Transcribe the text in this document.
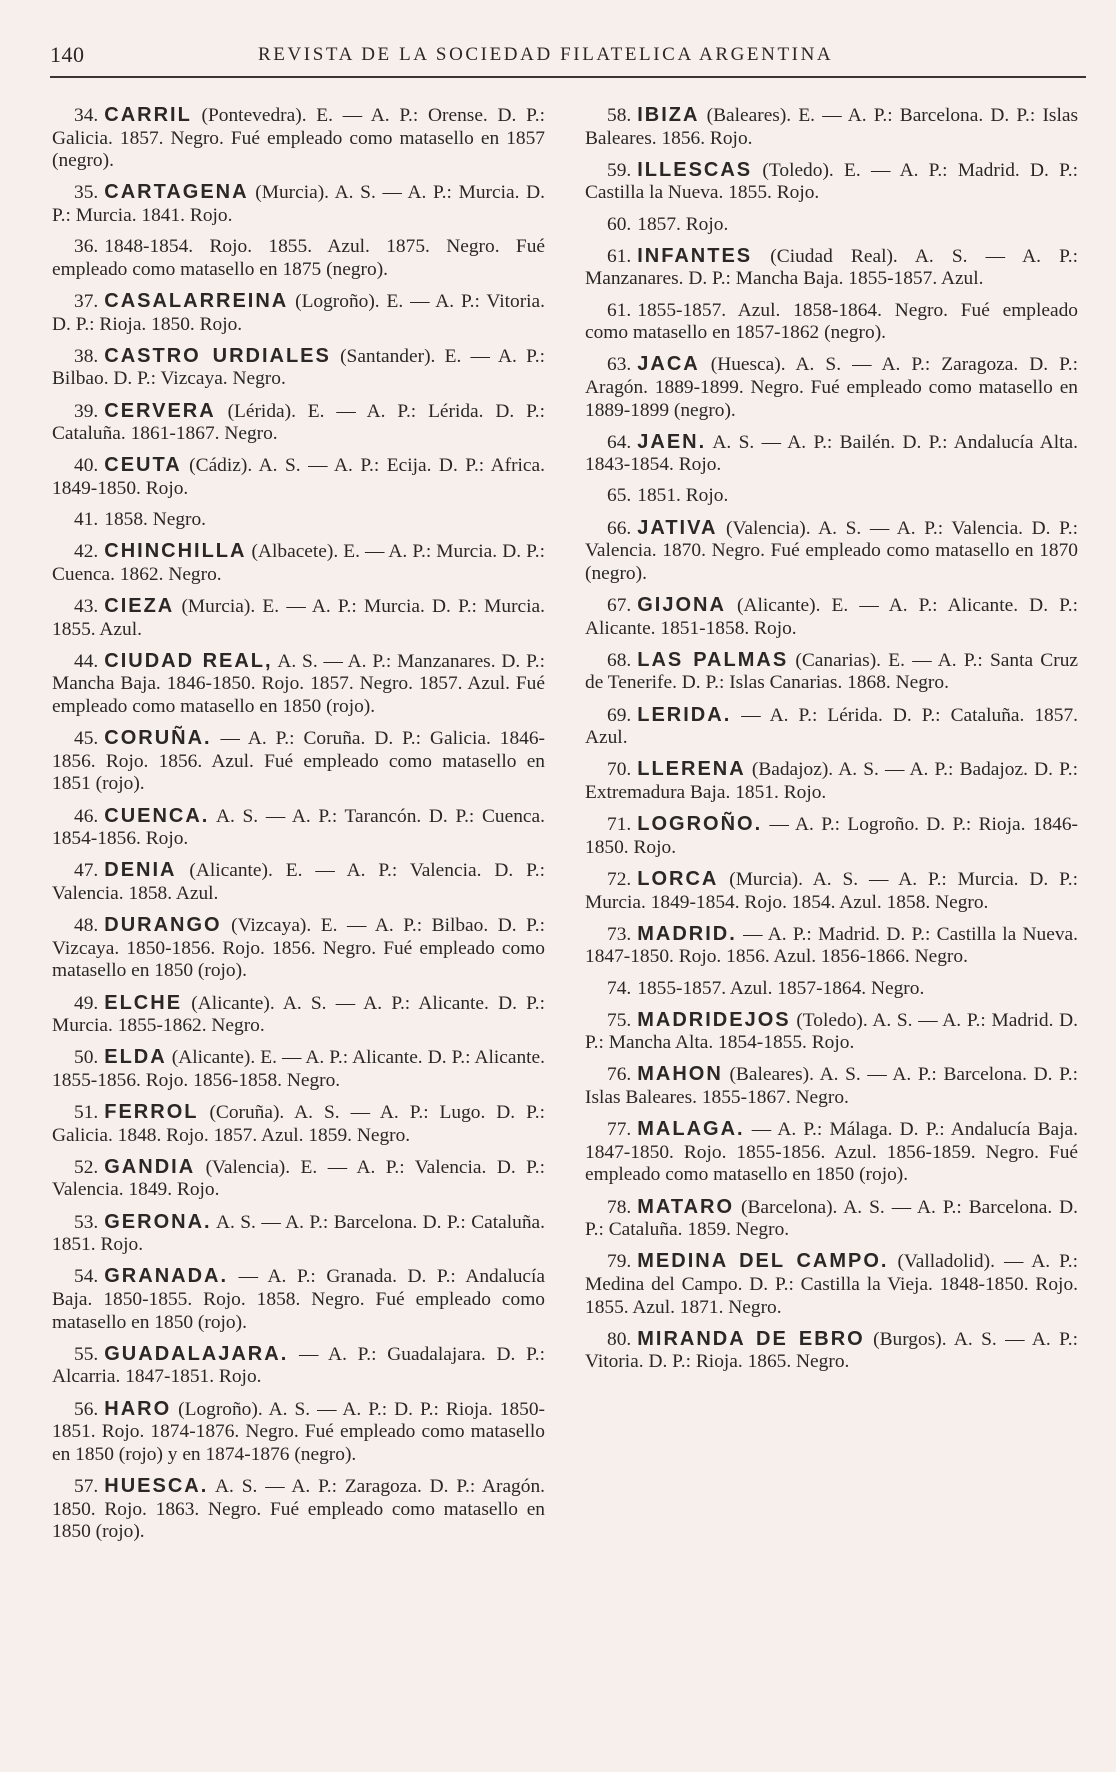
140	REVISTA DE LA SOCIEDAD FILATELICA ARGENTINA

34. CARRIL (Pontevedra). E. — A. P.: Orense. D. P.: Galicia. 1857. Negro. Fué empleado como matasello en 1857 (negro).

35. CARTAGENA (Murcia). A. S. — A. P.: Murcia. D. P.: Murcia. 1841. Rojo.

36. 1848-1854. Rojo. 1855. Azul. 1875. Negro. Fué empleado como matasello en 1875 (negro).

37. CASALARREINA (Logroño). E. — A. P.: Vitoria. D. P.: Rioja. 1850. Rojo.

38. CASTRO URDIALES (Santander). E. — A. P.: Bilbao. D. P.: Vizcaya. Negro.

39. CERVERA (Lérida). E. — A. P.: Lérida. D. P.: Cataluña. 1861-1867. Negro.

40. CEUTA (Cádiz). A. S. — A. P.: Ecija. D. P.: Africa. 1849-1850. Rojo.

41. 1858. Negro.

42. CHINCHILLA (Albacete). E. — A. P.: Murcia. D. P.: Cuenca. 1862. Negro.

43. CIEZA (Murcia). E. — A. P.: Murcia. D. P.: Murcia. 1855. Azul.

44. CIUDAD REAL, A. S. — A. P.: Manzanares. D. P.: Mancha Baja. 1846-1850. Rojo. 1857. Negro. 1857. Azul. Fué empleado como matasello en 1850 (rojo).

45. CORUÑA. — A. P.: Coruña. D. P.: Galicia. 1846-1856. Rojo. 1856. Azul. Fué empleado como matasello en 1851 (rojo).

46. CUENCA. A. S. — A. P.: Tarancón. D. P.: Cuenca. 1854-1856. Rojo.

47. DENIA (Alicante). E. — A. P.: Valencia. D. P.: Valencia. 1858. Azul.

48. DURANGO (Vizcaya). E. — A. P.: Bilbao. D. P.: Vizcaya. 1850-1856. Rojo. 1856. Negro. Fué empleado como matasello en 1850 (rojo).

49. ELCHE (Alicante). A. S. — A. P.: Alicante. D. P.: Murcia. 1855-1862. Negro.

50. ELDA (Alicante). E. — A. P.: Alicante. D. P.: Alicante. 1855-1856. Rojo. 1856-1858. Negro.

51. FERROL (Coruña). A. S. — A. P.: Lugo. D. P.: Galicia. 1848. Rojo. 1857. Azul. 1859. Negro.

52. GANDIA (Valencia). E. — A. P.: Valencia. D. P.: Valencia. 1849. Rojo.

53. GERONA. A. S. — A. P.: Barcelona. D. P.: Cataluña. 1851. Rojo.

54. GRANADA. — A. P.: Granada. D. P.: Andalucía Baja. 1850-1855. Rojo. 1858. Negro. Fué empleado como matasello en 1850 (rojo).

55. GUADALAJARA. — A. P.: Guadalajara. D. P.: Alcarria. 1847-1851. Rojo.

56. HARO (Logroño). A. S. — A. P.: D. P.: Rioja. 1850-1851. Rojo. 1874-1876. Negro. Fué empleado como matasello en 1850 (rojo) y en 1874-1876 (negro).

57. HUESCA. A. S. — A. P.: Zaragoza. D. P.: Aragón. 1850. Rojo. 1863. Negro. Fué empleado como matasello en 1850 (rojo).

58. IBIZA (Baleares). E. — A. P.: Barcelona. D. P.: Islas Baleares. 1856. Rojo.

59. ILLESCAS (Toledo). E. — A. P.: Madrid. D. P.: Castilla la Nueva. 1855. Rojo.

60. 1857. Rojo.

61. INFANTES (Ciudad Real). A. S. — A. P.: Manzanares. D. P.: Mancha Baja. 1855-1857. Azul.

61. 1855-1857. Azul. 1858-1864. Negro. Fué empleado como matasello en 1857-1862 (negro).

63. JACA (Huesca). A. S. — A. P.: Zaragoza. D. P.: Aragón. 1889-1899. Negro. Fué empleado como matasello en 1889-1899 (negro).

64. JAEN. A. S. — A. P.: Bailén. D. P.: Andalucía Alta. 1843-1854. Rojo.

65. 1851. Rojo.

66. JATIVA (Valencia). A. S. — A. P.: Valencia. D. P.: Valencia. 1870. Negro. Fué empleado como matasello en 1870 (negro).

67. GIJONA (Alicante). E. — A. P.: Alicante. D. P.: Alicante. 1851-1858. Rojo.

68. LAS PALMAS (Canarias). E. — A. P.: Santa Cruz de Tenerife. D. P.: Islas Canarias. 1868. Negro.

69. LERIDA. — A. P.: Lérida. D. P.: Cataluña. 1857. Azul.

70. LLERENA (Badajoz). A. S. — A. P.: Badajoz. D. P.: Extremadura Baja. 1851. Rojo.

71. LOGROÑO. — A. P.: Logroño. D. P.: Rioja. 1846-1850. Rojo.

72. LORCA (Murcia). A. S. — A. P.: Murcia. D. P.: Murcia. 1849-1854. Rojo. 1854. Azul. 1858. Negro.

73. MADRID. — A. P.: Madrid. D. P.: Castilla la Nueva. 1847-1850. Rojo. 1856. Azul. 1856-1866. Negro.

74. 1855-1857. Azul. 1857-1864. Negro.

75. MADRIDEJOS (Toledo). A. S. — A. P.: Madrid. D. P.: Mancha Alta. 1854-1855. Rojo.

76. MAHON (Baleares). A. S. — A. P.: Barcelona. D. P.: Islas Baleares. 1855-1867. Negro.

77. MALAGA. — A. P.: Málaga. D. P.: Andalucía Baja. 1847-1850. Rojo. 1855-1856. Azul. 1856-1859. Negro. Fué empleado como matasello en 1850 (rojo).

78. MATARO (Barcelona). A. S. — A. P.: Barcelona. D. P.: Cataluña. 1859. Negro.

79. MEDINA DEL CAMPO. (Valladolid). — A. P.: Medina del Campo. D. P.: Castilla la Vieja. 1848-1850. Rojo. 1855. Azul. 1871. Negro.

80. MIRANDA DE EBRO (Burgos). A. S. — A. P.: Vitoria. D. P.: Rioja. 1865. Negro.
